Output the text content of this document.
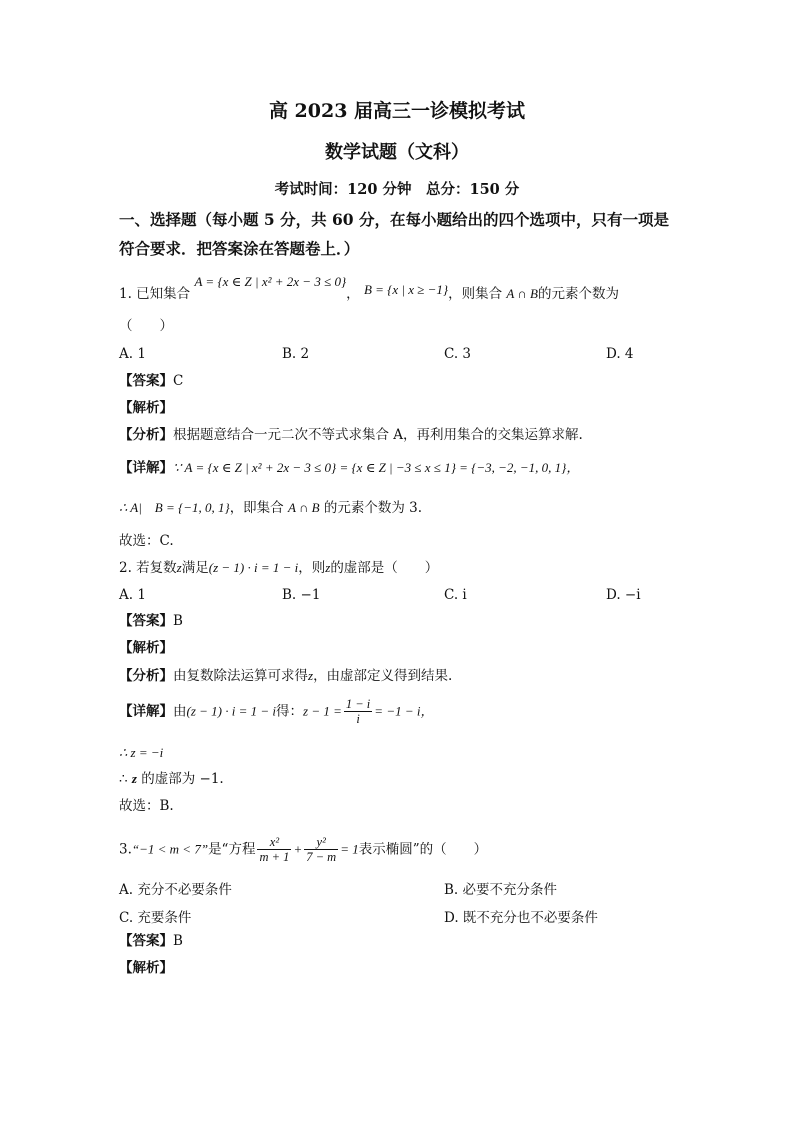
高 2023 届高三一诊模拟考试
数学试题（文科）
考试时间：120 分钟　总分：150 分
一、选择题（每小题 5 分，共 60 分，在每小题给出的四个选项中，只有一项是
符合要求．把答案涂在答题卷上．）
1. 已知集合 A = {x ∈ Z | x² + 2x − 3 ≤ 0}， B = {x | x ≥ −1}，则集合 A ∩ B的元素个数为
（　　）
A. 1	B. 2	C. 3	D. 4
【答案】C
【解析】
【分析】根据题意结合一元二次不等式求集合 A，再利用集合的交集运算求解.
【详解】∵ A = {x ∈ Z | x² + 2x − 3 ≤ 0} = {x ∈ Z | −3 ≤ x ≤ 1} = {−3, −2, −1, 0, 1}，
∴ A|　B = {−1, 0, 1}，即集合 A ∩ B 的元素个数为 3.
故选：C.
2. 若复数z满足(z − 1) · i = 1 − i，则z的虚部是（　　）
A. 1	B. −1	C. i	D. −i
【答案】B
【解析】
【分析】由复数除法运算可求得z，由虚部定义得到结果.
【详解】由(z − 1) · i = 1 − i得：$z - 1 = \frac{1 - i}{i} = -1 - i$，
∴ z = −i
∴ z 的虚部为 −1.
故选：B.
3.“−1 < m < 7”是“方程 $\frac{\text{x²}}{m + 1} + \frac{\text{y²}}{7 - m} = 1$表示椭圆”的（　　）
A. 充分不必要条件	B. 必要不充分条件
C. 充要条件	D. 既不充分也不必要条件
【答案】B
【解析】
